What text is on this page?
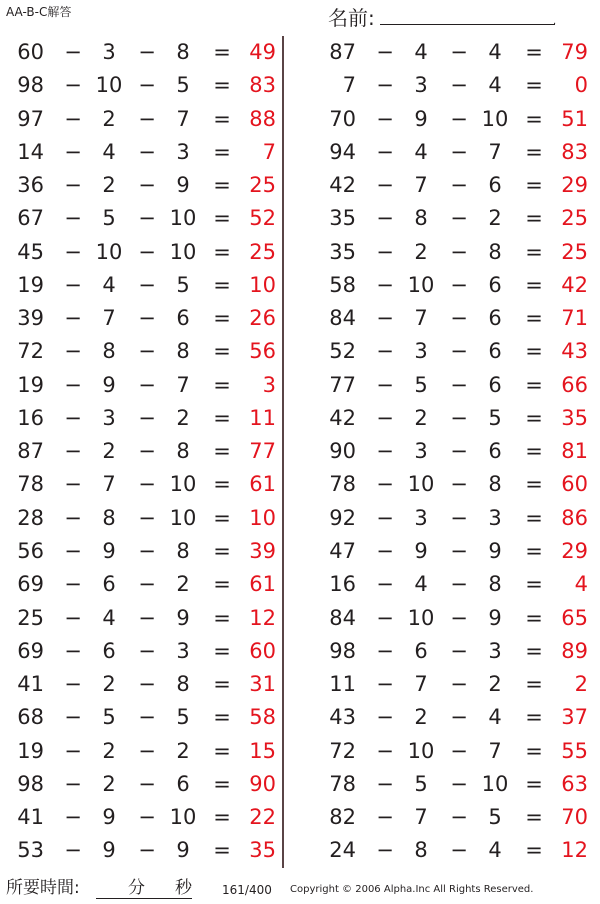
AA-B-C解答	名前:	.
60 − 3	− 8	= 49
98 − 10 − 5	= 83
97 − 2	− 7	= 88
14 − 4	− 3	=	7
36 − 2	− 9	= 25
67 − 5	− 10 = 52
45 − 10 − 10 = 25
19 − 4	− 5	= 10
39 − 7	− 6	= 26
72 − 8	− 8	= 56
19 − 9	− 7	=	3
16 − 3	− 2	= 11
87 − 2	− 8	= 77
78 − 7	− 10 = 61
28 − 8	− 10 = 10
56 − 9	− 8	= 39
69 − 6	− 2	= 61
25 − 4	− 9	= 12
69 − 6	− 3	= 60
41 − 2	− 8	= 31
68 − 5	− 5	= 58
19 − 2	− 2	= 15
98 − 2	− 6	= 90
41 − 9	− 10 = 22
53 − 9	− 9	= 35
87 − 4	− 4	= 79
7 − 3	− 4	=	0
70 − 9	− 10 = 51
94 − 4	− 7	= 83
42 − 7	− 6	= 29
35 − 8	− 2	= 25
35 − 2	− 8	= 25
58 − 10 − 6	= 42
84 − 7	− 6	= 71
52 − 3	− 6	= 43
77 − 5	− 6	= 66
42 − 2	− 5	= 35
90 − 3	− 6	= 81
78 − 10 − 8	= 60
92 − 3	− 3	= 86
47 − 9	− 9	= 29
16 − 4	− 8	=	4
84 − 10 − 9	= 65
98 − 6	− 3	= 89
11 − 7	− 2	=	2
43 − 2	− 4	= 37
72 − 10 − 7	= 55
78 − 5	− 10 = 63
82 − 7	− 5	= 70
24 − 8	− 4	= 12
所要時間:	分 秒	161/400 Copyright © 2006 Alpha.Inc All Rights Reserved.
